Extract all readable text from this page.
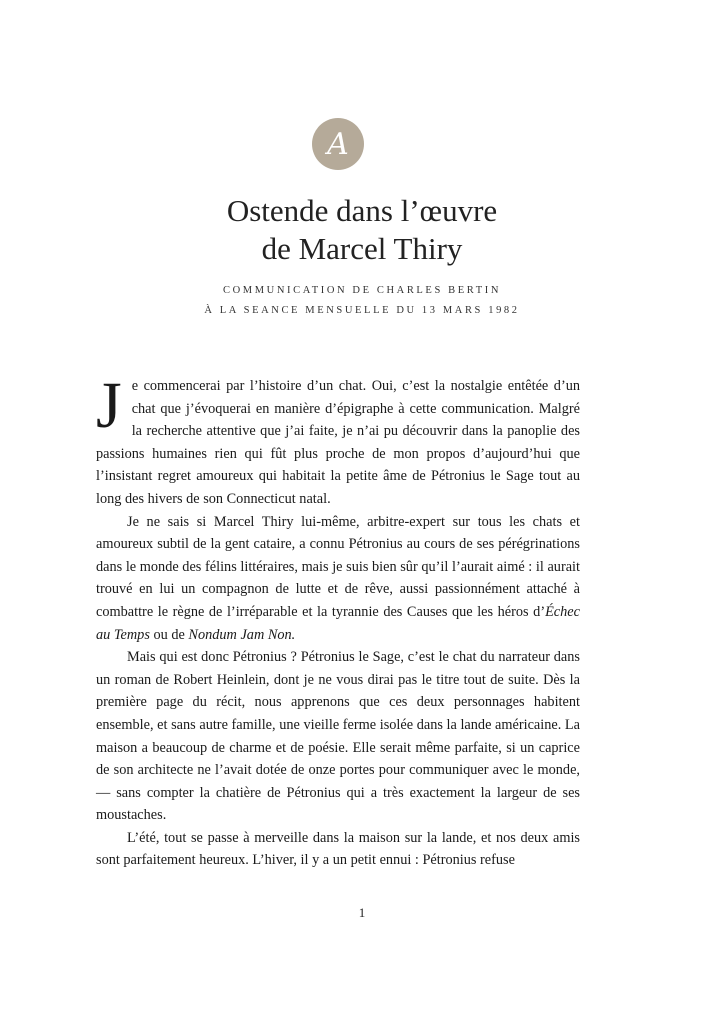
A
Ostende dans l’œuvre
de Marcel Thiry
COMMUNICATION DE CHARLES BERTIN
À LA SEANCE MENSUELLE DU 13 MARS 1982

Je commencerai par l’histoire d’un chat. Oui, c’est la nostalgie entêtée d’un chat que j’évoquerai en manière d’épigraphe à cette communication. Malgré la recherche attentive que j’ai faite, je n’ai pu découvrir dans la panoplie des passions humaines rien qui fût plus proche de mon propos d’aujourd’hui que l’insistant regret amoureux qui habitait la petite âme de Pétronius le Sage tout au long des hivers de son Connecticut natal.

Je ne sais si Marcel Thiry lui-même, arbitre-expert sur tous les chats et amoureux subtil de la gent cataire, a connu Pétronius au cours de ses pérégrinations dans le monde des félins littéraires, mais je suis bien sûr qu’il l’aurait aimé : il aurait trouvé en lui un compagnon de lutte et de rêve, aussi passionnément attaché à combattre le règne de l’irréparable et la tyrannie des Causes que les héros d’Échec au Temps ou de Nondum Jam Non.

Mais qui est donc Pétronius ? Pétronius le Sage, c’est le chat du narrateur dans un roman de Robert Heinlein, dont je ne vous dirai pas le titre tout de suite. Dès la première page du récit, nous apprenons que ces deux personnages habitent ensemble, et sans autre famille, une vieille ferme isolée dans la lande américaine. La maison a beaucoup de charme et de poésie. Elle serait même parfaite, si un caprice de son architecte ne l’avait dotée de onze portes pour communiquer avec le monde, — sans compter la chatière de Pétronius qui a très exactement la largeur de ses moustaches.

L’été, tout se passe à merveille dans la maison sur la lande, et nos deux amis sont parfaitement heureux. L’hiver, il y a un petit ennui : Pétronius refuse

1
